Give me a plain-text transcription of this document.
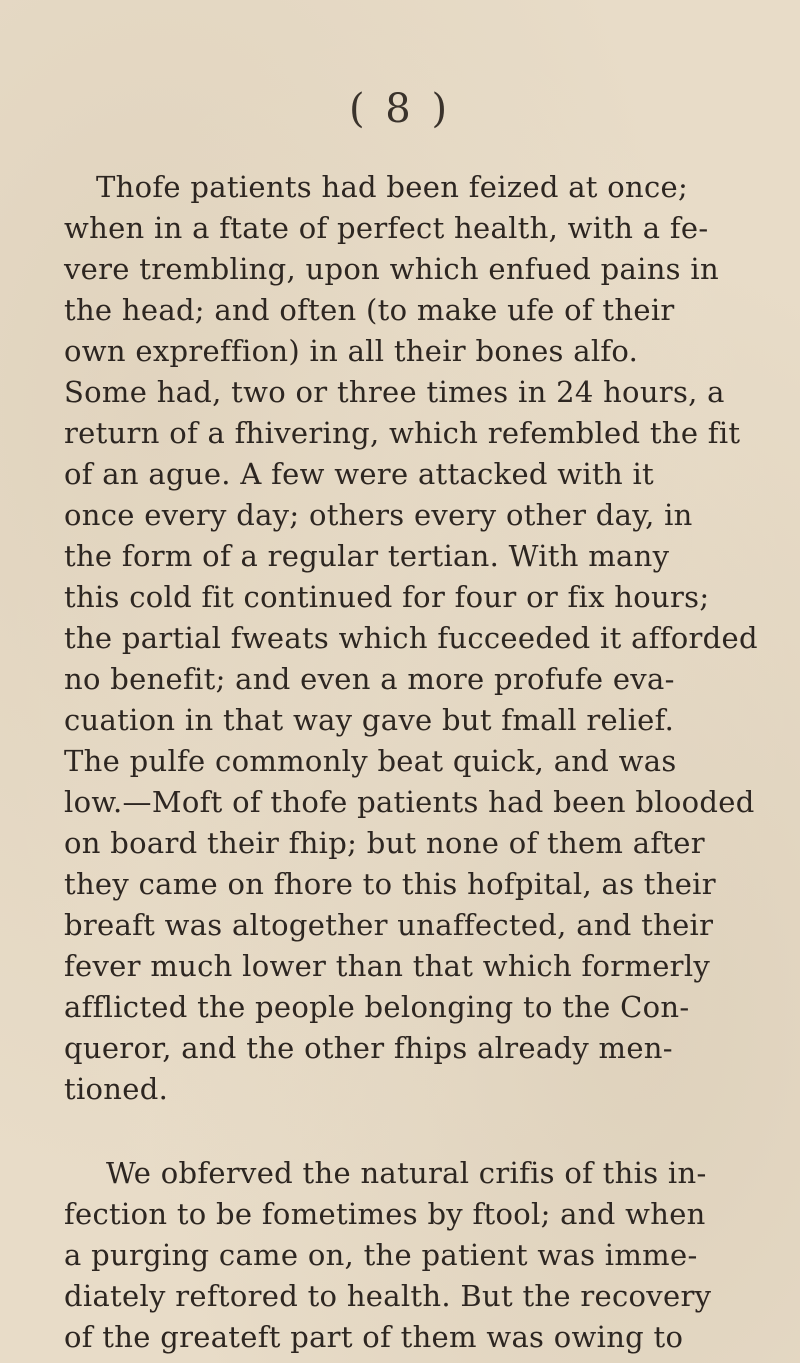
( 8 )
Thofe patients had been feized at once;
when in a ftate of perfect health, with a fe-
vere trembling, upon which enfued pains in
the head; and often (to make ufe of their
own expreffion) in all their bones alfo.
Some had, two or three times in 24 hours, a
return of a fhivering, which refembled the fit
of an ague. A few were attacked with it
once every day; others every other day, in
the form of a regular tertian. With many
this cold fit continued for four or fix hours;
the partial fweats which fucceeded it afforded
no benefit; and even a more profufe eva-
cuation in that way gave but fmall relief.
The pulfe commonly beat quick, and was
low.—Moft of thofe patients had been blooded
on board their fhip; but none of them after
they came on fhore to this hofpital, as their
breaft was altogether unaffected, and their
fever much lower than that which formerly
afflicted the people belonging to the Con-
queror, and the other fhips already men-
tioned.
We obferved the natural crifis of this in-
fection to be fometimes by ftool; and when
a purging came on, the patient was imme-
diately reftored to health. But the recovery
of the greateft part of them was owing to
